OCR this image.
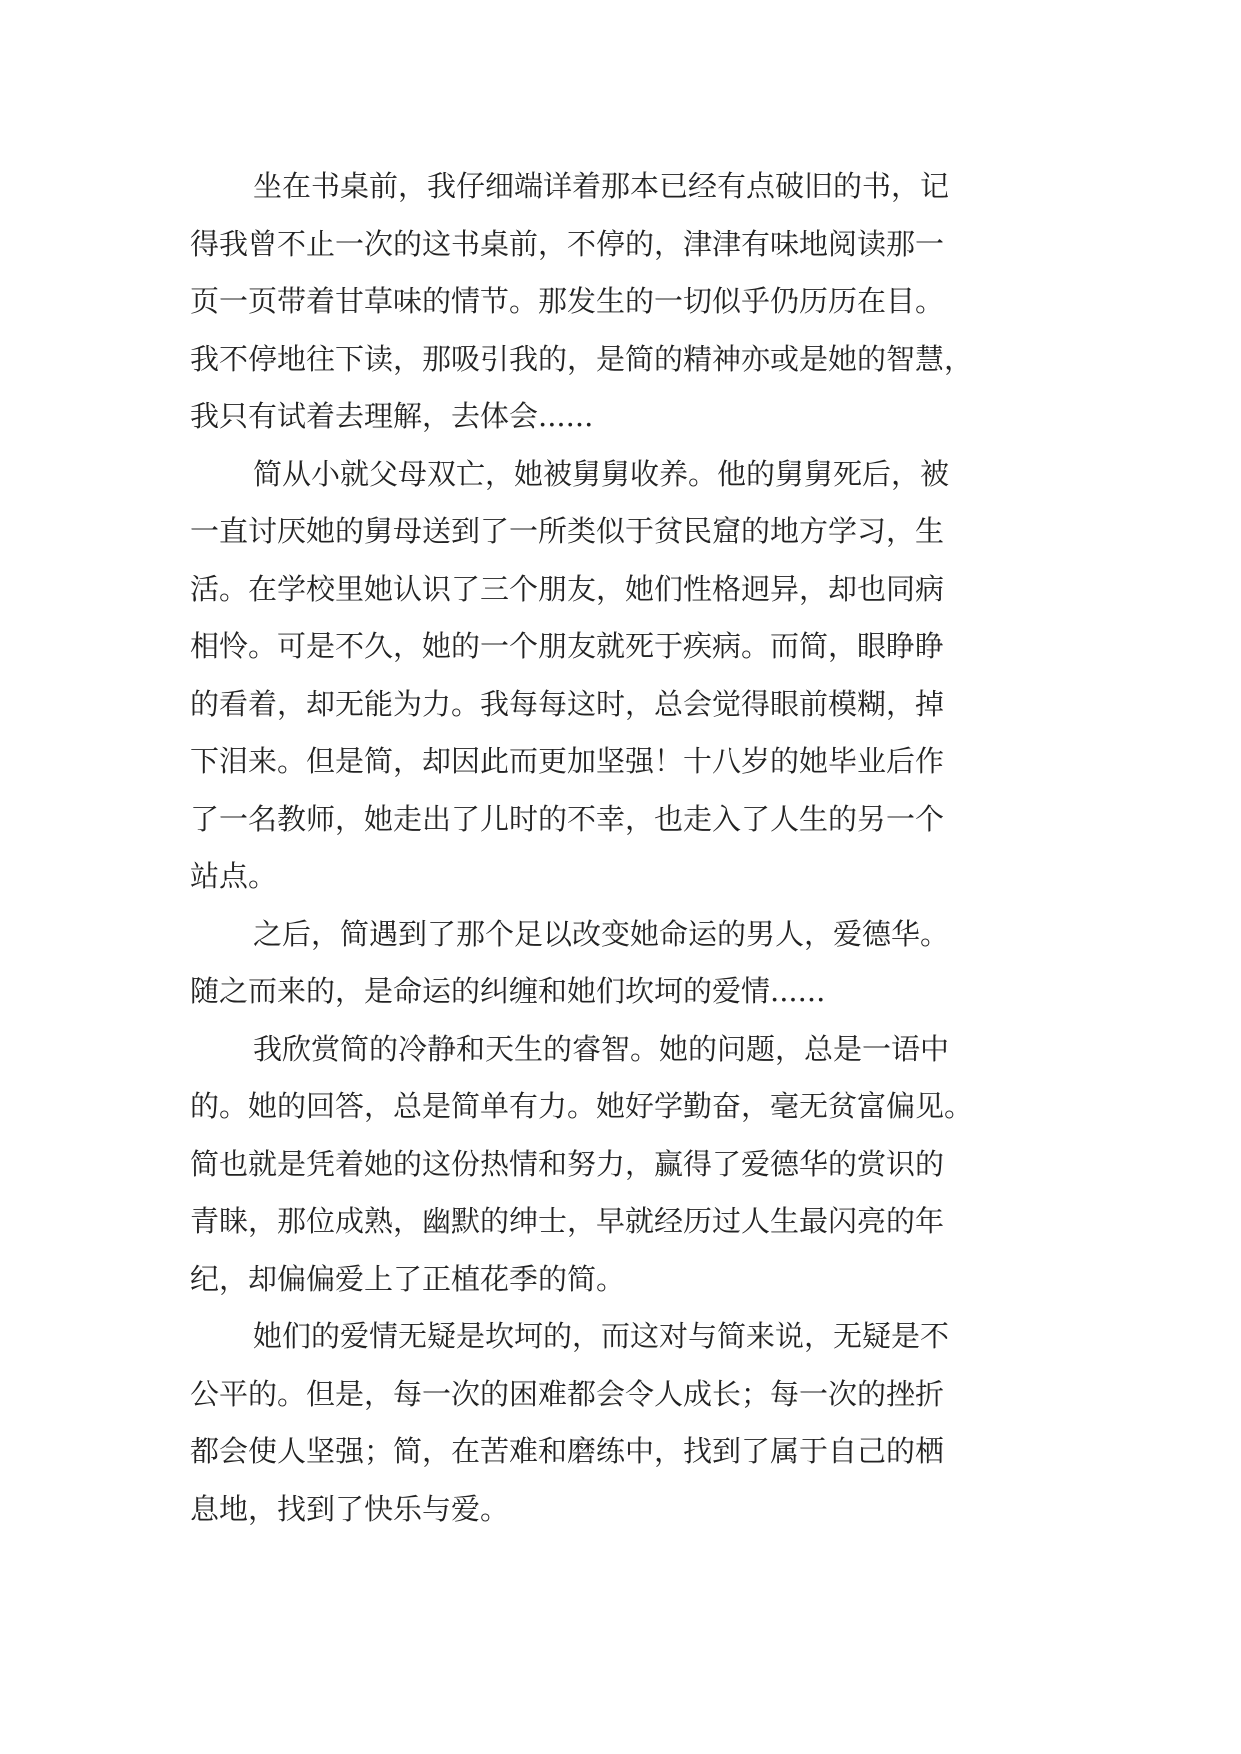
坐在书桌前，我仔细端详着那本已经有点破旧的书，记
得我曾不止一次的这书桌前，不停的，津津有味地阅读那一
页一页带着甘草味的情节。那发生的一切似乎仍历历在目。
我不停地往下读，那吸引我的，是简的精神亦或是她的智慧，
我只有试着去理解，去体会......
简从小就父母双亡，她被舅舅收养。他的舅舅死后，被
一直讨厌她的舅母送到了一所类似于贫民窟的地方学习，生
活。在学校里她认识了三个朋友，她们性格迥异，却也同病
相怜。可是不久，她的一个朋友就死于疾病。而简，眼睁睁
的看着，却无能为力。我每每这时，总会觉得眼前模糊，掉
下泪来。但是简，却因此而更加坚强！十八岁的她毕业后作
了一名教师，她走出了儿时的不幸，也走入了人生的另一个
站点。
之后，简遇到了那个足以改变她命运的男人，爱德华。
随之而来的，是命运的纠缠和她们坎坷的爱情......
我欣赏简的冷静和天生的睿智。她的问题，总是一语中
的。她的回答，总是简单有力。她好学勤奋，毫无贫富偏见。
简也就是凭着她的这份热情和努力，赢得了爱德华的赏识的
青睐，那位成熟，幽默的绅士，早就经历过人生最闪亮的年
纪，却偏偏爱上了正植花季的简。
她们的爱情无疑是坎坷的，而这对与简来说，无疑是不
公平的。但是，每一次的困难都会令人成长；每一次的挫折
都会使人坚强；简，在苦难和磨练中，找到了属于自己的栖
息地，找到了快乐与爱。
